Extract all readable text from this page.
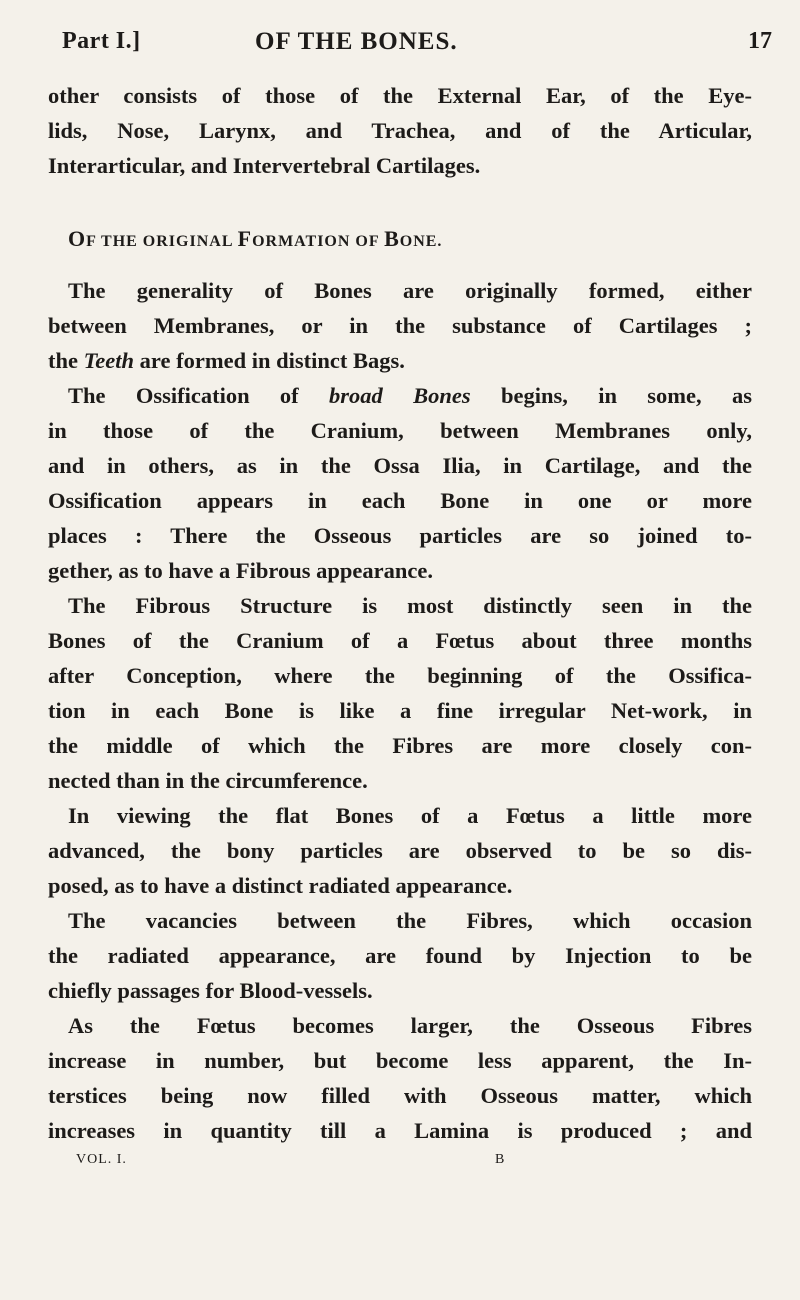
Part I.]	OF THE BONES.	17
OF THE ORIGINAL FORMATION OF BONE.
other consists of those of the External Ear, of the Eye-
lids, Nose, Larynx, and Trachea, and of the Articular,
Interarticular, and Intervertebral Cartilages.
The generality of Bones are originally formed, either
between Membranes, or in the substance of Cartilages ;
the Teeth are formed in distinct Bags.
The Ossification of broad Bones begins, in some, as
in those of the Cranium, between Membranes only,
and in others, as in the Ossa Ilia, in Cartilage, and the
Ossification appears in each Bone in one or more
places : There the Osseous particles are so joined to-
gether, as to have a Fibrous appearance.
The Fibrous Structure is most distinctly seen in the
Bones of the Cranium of a Fœtus about three months
after Conception, where the beginning of the Ossifica-
tion in each Bone is like a fine irregular Net-work, in
the middle of which the Fibres are more closely con-
nected than in the circumference.
In viewing the flat Bones of a Fœtus a little more
advanced, the bony particles are observed to be so dis-
posed, as to have a distinct radiated appearance.
The vacancies between the Fibres, which occasion
the radiated appearance, are found by Injection to be
chiefly passages for Blood-vessels.
As the Fœtus becomes larger, the Osseous Fibres
increase in number, but become less apparent, the In-
terstices being now filled with Osseous matter, which
increases in quantity till a Lamina is produced ; and
VOL. I.	B
